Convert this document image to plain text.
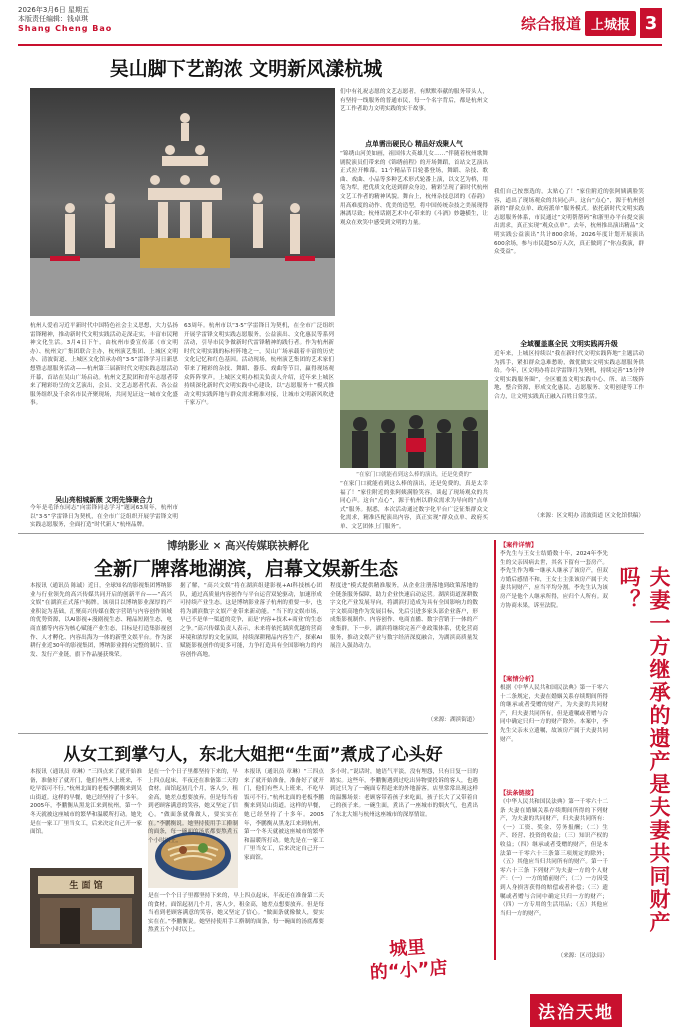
2026年3月6日 星期五
本版责任编辑：钱卓琪
Shang Cheng Bao	综合报道 上城报 3
吴山脚下艺韵浓 文明新风漾杭城
杭州人爱看习近平新时代中国特色社会主义思想，大力弘扬雷锋精神，推动新时代文明实践活动走深走实，丰富市民精神文化生活。3月4日下午，由杭州市委宣传部（市文明办）、杭州文广集团联合主办，杭州演艺集团、上城区文明办、清波街道、上城区文化馆承办的“3·5”雷锋学习日新思想暨志愿服务活动——杭州第三届新时代文明实践志愿活动开幕，首站在吴山广场启动。杭州文艺院团和青年志愿者带来了精彩纷呈的文艺演出，会员、文艺志愿者代表、各公益服务组织及千余名市民齐聚现场，共同见证这一城市文化盛事。
吴山亮相城新颜 文明先锋聚合力
今年是毛泽东同志“向雷锋同志学习”题词63周年，杭州市以“3·5”学雷锋日为契机，在全市广泛组织开展学雷锋文明实践志愿服务，全面打造“时代新人”杭州品牌。
63周年。杭州市以“3·5”学雷锋日为契机，在全市广泛组织开展学雷锋文明实践志愿服务，公益演出、文化惠民等系列活动，引导市民争做新时代雷锋精神的践行者。作为杭州新时代文明实践的标杆阵地之一，吴山广场承载着丰富的历史文化记忆和红色基因。活动现场，杭州演艺集团的艺术家们带来了精彩的杂技、舞蹈、器乐、戏曲等节目，赢得现场观众阵阵掌声。上城区文明办相关负责人介绍，近年来上城区持续深化新时代文明实践中心建设，以“志愿服务＋”模式推动文明实践阵地与群众需求精准对接，让城市文明新风吹进千家万户。
们中有礼祝志愿的文艺志愿者，有默默奉献的服务带头人，有坚持一线服务的普通市民，每一个名字背后，都是杭州文艺工作者助力文明实践的实干故事。
点单需出硬民心 精品好戏聚人气
“锦绣山河美如画，祖国伟大英雄儿女……”伴随着杭州歌舞剧院演员们带来的《锦绣前程》的开场舞蹈，首站文艺演出正式拉开帷幕。11个精品节目轮番登场，舞蹈、杂技、歌曲、戏曲、小品等多种艺术形式轮番上演，以文艺为桥，用笔为犁，把优质文化送到群众身边，精彩呈现了新时代杭州文艺工作者的精神风貌。舞台上，杭州杂技总团的《春韵》用高难度的动作、优美的造型，将中国传统杂技之美展现得淋漓尽致；杭州话剧艺术中心带来的《斗酒》妙趣横生，让观众在欢笑中感受到文明的力量。
“在家门口就能看到这么棒的演出，还是免费的”
“在家门口就能看到这么棒的演出，还是免费的，真是太幸福了！”家住附近的张阿姨满脸笑容，谈起了现场观众的共同心声。这台“点心”，源于杭州以群众需求为导向的“点单式”服务。据悉，本次活动通过数字化平台广泛征集群众文化需求，精准匹配演出内容，真正实现“群众点单、政府买单、文艺团体上门服务”。
我们自己按票选的，太贴心了！”家住附近的张阿姨满脸笑容，道出了现场观众的共同心声。这台“点心”，源于杭州创新的“群众点单、政府派单”服务模式。依托新时代文明实践志愿服务体系，市民通过“文明帮帮码”和浙里办平台提交演出需求，真正实现“观众点单”。去年，杭州推出演出精品“文明实践公益演出”共计800余场，2026年度计划开展演出600余场，参与市民超50万人次，真正做到了“你点我演，群众受益”。
全域覆盖惠全民 文明实践再升级
近年来，上城区持续以“我在新时代文明实践阵地”主题活动为抓手，紧扣群众急难愁盼，做优做实文明实践志愿服务供给。今年，区文明办将以学雷锋月为契机，持续完善“15分钟文明实践服务圈”，全区覆盖文明实践中心、所、站三级阵地，整合资源，形成文化惠民、志愿服务、文明创建等工作合力，让文明实践真正融入百姓日常生活。
（来源：区文明办 清波街道 区文化馆供稿）
博纳影业 × 高兴传媒联袂孵化
全新厂牌落地湖滨，启幕文娱新生态
本报讯（通讯员 陈诚）近日，全球知名的影视集团博纳影业与行业领先的高兴传媒共同开启的创新平台——“高兴文娱”在湖滨正式落户揭牌。该项目以博纳影业深厚的产业积淀为基础，汇聚高兴传媒在数字营销与内容创作领域的优势资源，以AI影视+漫剧视生态、精品短剧生态，电商直播等内容为核心赋能产业生态，目标是打造集影视创作、人才孵化、内容出海为一体的新型文娱平台。作为深耕行业近30年的影视集团，博纳影业拥有完整的制片、宣发、发行产业链，旗下作品屡获殊荣。
据了解，“高兴文娱”将在湖滨组建影视+AI科技核心团队，通过高质量内容创作与平台运营双轮驱动，加速形成可持续产业生态。这是博纳影业落子杭州的重要一步，也将为湖滨数字文娱产业带来新动能。“当下的文娱市场，早已不是单一渠道的竞争，而是‘内容+技术+商业’的生态之争。”高兴传媒负责人表示，未来将依托湖滨优越的营商环境和浓厚的文化氛围，持续深耕精品内容生产，探索AI赋能影视创作的更多可能，力争打造具有全国影响力的内容创作高地。
程度进“模式提供精准服务，从企业注册落地到政策落地的全链条服务保障，助力企业快速启动运营。湖滨街道深耕数字文化产业发展导向，将湖滨打造成为具有全国影响力的数字文娱高地作为发展目标，先后引进多家头部企业落户，形成集影视制作、内容创作、电商直播、数字营销于一体的产业集群。下一步，湖滨将继续完善产业政策体系，优化营商服务，推动文娱产业与数字经济深度融合，为湖滨高质量发展注入强劲动力。
（来源：湖滨街道）
从女工到掌勺人，东北大姐把“生面”煮成了心头好
本报讯（通讯员 章琳）“三四点来了就开始准备，准备好了就开门，他们有些人上班来，不吃早饭可不行。”杭州北面的老板李鹏衡来到吴山街道。这样的早餐，她已经坚持了十多年。2005年，李鹏衡从黑龙江来到杭州，第一个冬天就被这座城市的繁华和温暖所打动。她先是在一家工厂里当女工，后来决定自己开一家面馆。
生 面 馆
是在一个个日子里都坚持下来的，早上四点起床，半夜还在准备第二天的食材。面馆起初几个月，客人少，租金高，她差点想要放弃。但是每当看到老顾客满意的笑容，她又坚定了信心。“做面条就像做人，要实实在在。”李鹏衡说。她坚持使用手工擀制的面条，每一碗面的汤底都要熬煮五个小时以上。
是在一个个日子里都坚持下来的，早上四点起床，半夜还在准备第二天的食材。面馆起初几个月，客人少，租金高，她差点想要放弃。但是每当看到老顾客满意的笑容，她又坚定了信心。“做面条就像做人，要实实在在。”李鹏衡说。她坚持使用手工擀制的面条，每一碗面的汤底都要熬煮五个小时以上。
本报讯（通讯员 章琳）“三四点来了就开始准备，准备好了就开门，他们有些人上班来，不吃早饭可不行。”杭州北面的老板李鹏衡来到吴山街道。这样的早餐，她已经坚持了十多年。2005年，李鹏衡从黑龙江来到杭州，第一个冬天就被这座城市的繁华和温暖所打动。她先是在一家工厂里当女工，后来决定自己开一家面馆。
多小时。”说话时，她语气平淡，没有埋怨，只有日复一日的踏实。这些年，李鹏衡遇到过吃出异物要投诉的客人，也遇到过只为了一碗面专程赶来的外地游客。店里常常出现这样的温馨场景：老顾客带着孩子来吃面，孩子长大了又带着自己的孩子来。一碗生面，煮出了一座城市的烟火气，也煮出了东北大姐与杭州这座城市的深厚情谊。
城里的“小”店
【案件详情】
李先生与王女士结婚数十年，2024年李先生的父亲因病去世，其名下留有一套房产。李先生作为唯一继承人继承了该房产，但双方婚后感情不和，王女士主张该房产属于夫妻共同财产，应当平均分割。李先生认为该房产是他个人继承所得，应归个人所有。双方协商未果，诉至法院。
【案情分析】
根据《中华人民共和国民法典》第一千零六十二条规定，夫妻在婚姻关系存续期间所得的继承或者受赠的财产，为夫妻的共同财产，归夫妻共同所有，但是遗嘱或者赠与合同中确定只归一方的财产除外。本案中，李先生父亲未立遗嘱，故该房产属于夫妻共同财产。
【法条链接】
《中华人民共和国民法典》第一千零六十二条 夫妻在婚姻关系存续期间所得的下列财产，为夫妻的共同财产，归夫妻共同所有：（一）工资、奖金、劳务报酬；（二）生产、经营、投资的收益；（三）知识产权的收益；（四）继承或者受赠的财产，但是本法第一千零六十三条第三项规定的除外；（五）其他应当归共同所有的财产。第一千零六十三条 下列财产为夫妻一方的个人财产：（一）一方的婚前财产；（二）一方因受到人身损害获得的赔偿或者补偿；（三）遗嘱或者赠与合同中确定只归一方的财产；（四）一方专用的生活用品；（五）其他应当归一方的财产。
（来源：区司法局）
夫妻一方继承的遗产是夫妻共同财产吗？
法治天地
